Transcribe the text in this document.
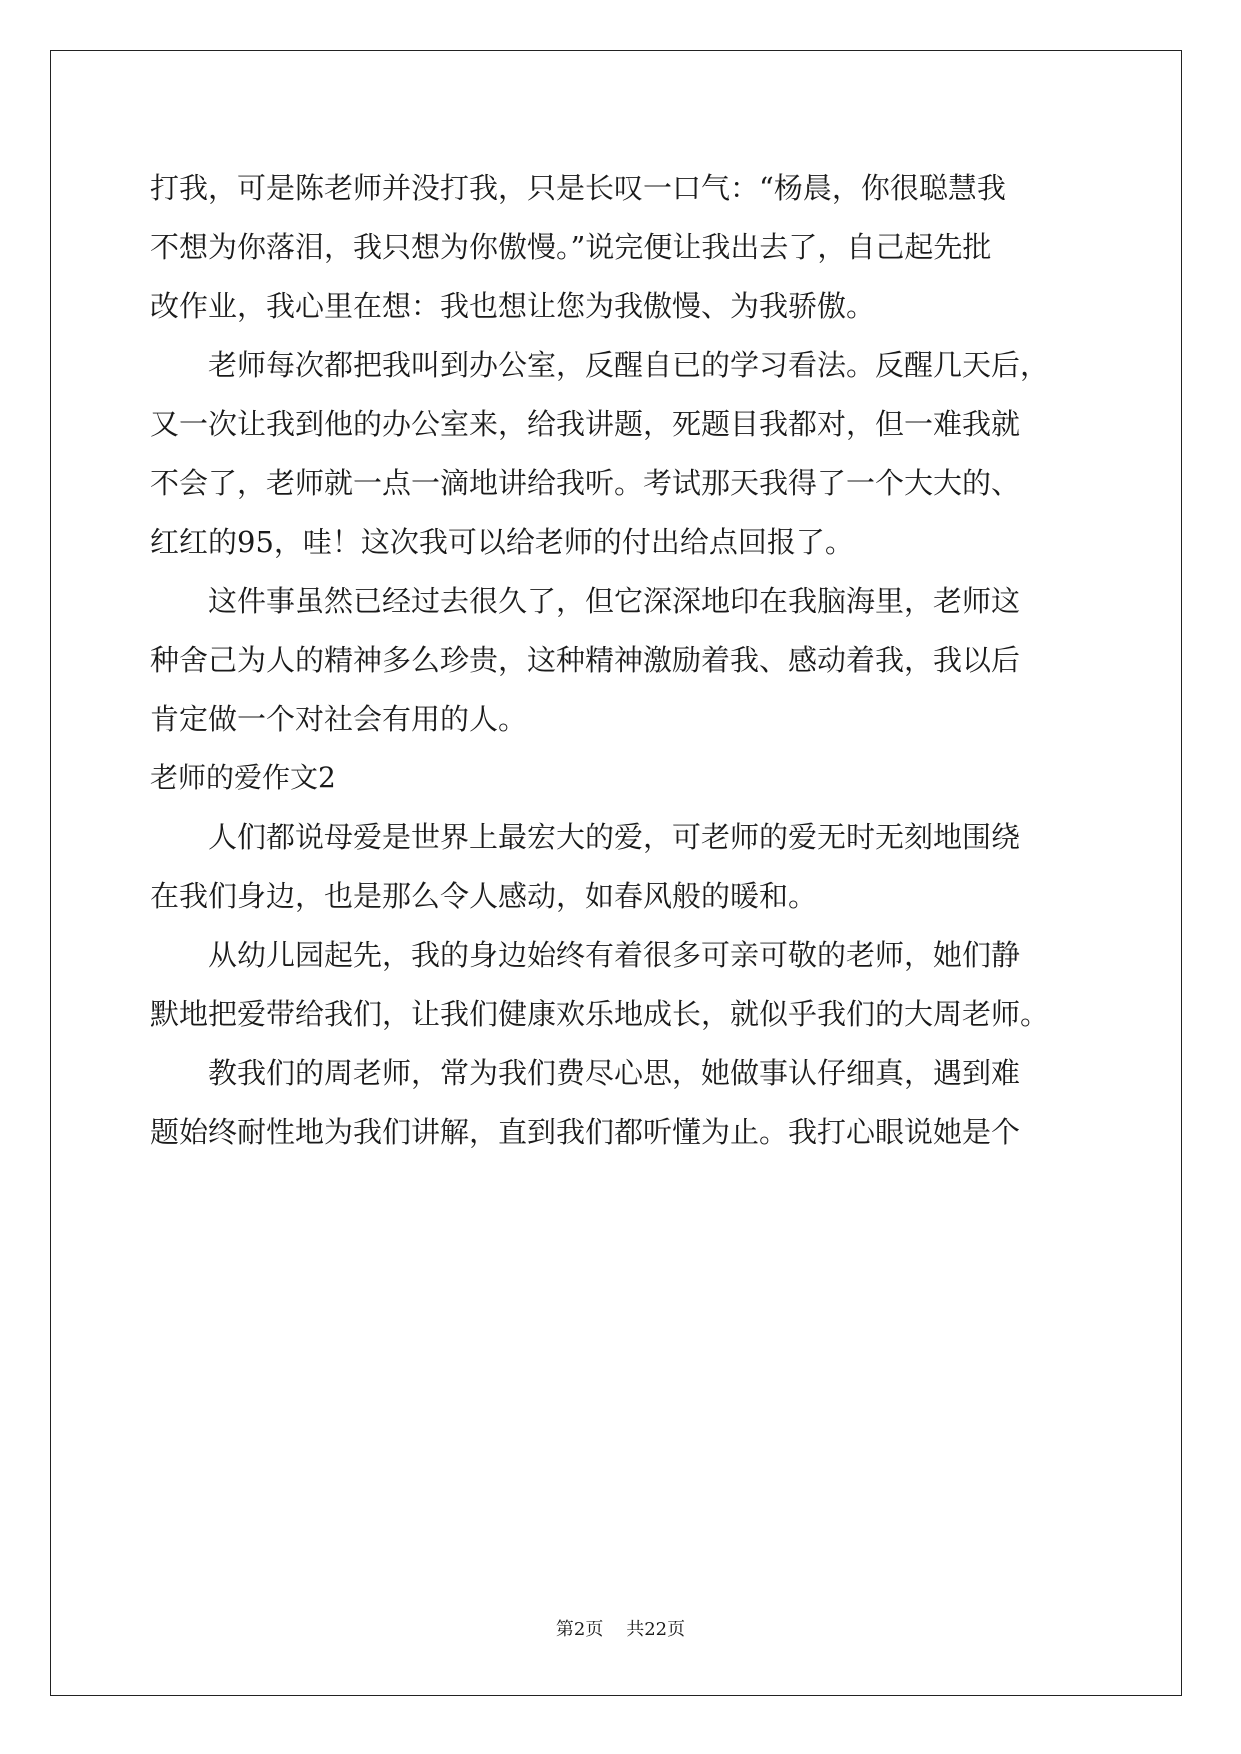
打我，可是陈老师并没打我，只是长叹一口气：“杨晨，你很聪慧我

不想为你落泪，我只想为你傲慢。”说完便让我出去了，自己起先批

改作业，我心里在想：我也想让您为我傲慢、为我骄傲。

　　老师每次都把我叫到办公室，反醒自已的学习看法。反醒几天后，

又一次让我到他的办公室来，给我讲题，死题目我都对，但一难我就

不会了，老师就一点一滴地讲给我听。考试那天我得了一个大大的、

红红的95，哇！这次我可以给老师的付出给点回报了。

　　这件事虽然已经过去很久了，但它深深地印在我脑海里，老师这

种舍己为人的精神多么珍贵，这种精神激励着我、感动着我，我以后

肯定做一个对社会有用的人。

老师的爱作文2

　　人们都说母爱是世界上最宏大的爱，可老师的爱无时无刻地围绕

在我们身边，也是那么令人感动，如春风般的暖和。

　　从幼儿园起先，我的身边始终有着很多可亲可敬的老师，她们静

默地把爱带给我们，让我们健康欢乐地成长，就似乎我们的大周老师。

　　教我们的周老师，常为我们费尽心思，她做事认仔细真，遇到难

题始终耐性地为我们讲解，直到我们都听懂为止。我打心眼说她是个

第2页 共22页
